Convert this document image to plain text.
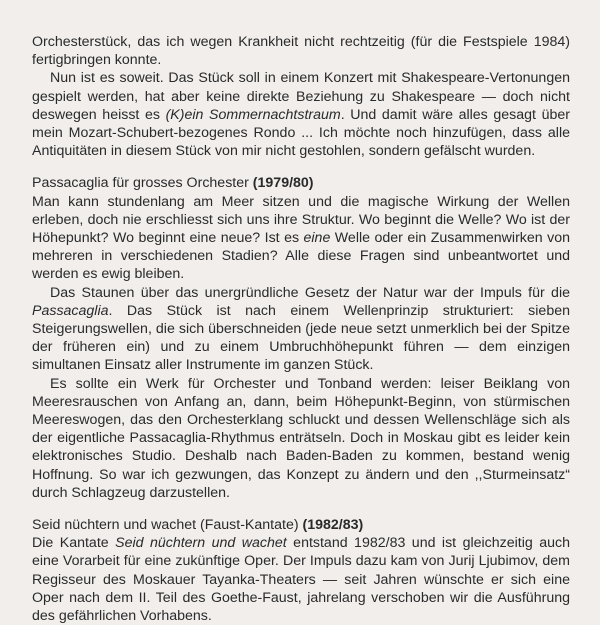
Orchesterstück, das ich wegen Krankheit nicht rechtzeitig (für die Festspiele 1984) fertigbringen konnte.

Nun ist es soweit. Das Stück soll in einem Konzert mit Shakespeare-Vertonungen gespielt werden, hat aber keine direkte Beziehung zu Shakespeare — doch nicht deswegen heisst es (K)ein Sommernachtstraum. Und damit wäre alles gesagt über mein Mozart-Schubert-bezogenes Rondo ... Ich möchte noch hinzufügen, dass alle Antiquitäten in diesem Stück von mir nicht gestohlen, sondern gefälscht wurden.

Passacaglia für grosses Orchester (1979/80)

Man kann stundenlang am Meer sitzen und die magische Wirkung der Wellen erleben, doch nie erschliesst sich uns ihre Struktur. Wo beginnt die Welle? Wo ist der Höhepunkt? Wo beginnt eine neue? Ist es eine Welle oder ein Zusammenwirken von mehreren in verschiedenen Stadien? Alle diese Fragen sind unbeantwortet und werden es ewig bleiben.

Das Staunen über das unergründliche Gesetz der Natur war der Impuls für die Passacaglia. Das Stück ist nach einem Wellenprinzip strukturiert: sieben Steigerungswellen, die sich überschneiden (jede neue setzt unmerklich bei der Spitze der früheren ein) und zu einem Umbruchhöhepunkt führen — dem einzigen simultanen Einsatz aller Instrumente im ganzen Stück.

Es sollte ein Werk für Orchester und Tonband werden: leiser Beiklang von Meeresrauschen von Anfang an, dann, beim Höhepunkt-Beginn, von stürmischen Meereswogen, das den Orchesterklang schluckt und dessen Wellenschläge sich als der eigentliche Passacaglia-Rhythmus enträtseln. Doch in Moskau gibt es leider kein elektronisches Studio. Deshalb nach Baden-Baden zu kommen, bestand wenig Hoffnung. So war ich gezwungen, das Konzept zu ändern und den ,,Sturmeinsatz“ durch Schlagzeug darzustellen.

Seid nüchtern und wachet (Faust-Kantate) (1982/83)

Die Kantate Seid nüchtern und wachet entstand 1982/83 und ist gleichzeitig auch eine Vorarbeit für eine zukünftige Oper. Der Impuls dazu kam von Jurij Ljubimov, dem Regisseur des Moskauer Tayanka-Theaters — seit Jahren wünschte er sich eine Oper nach dem II. Teil des Goethe-Faust, jahrelang verschoben wir die Ausführung des gefährlichen Vorhabens.
